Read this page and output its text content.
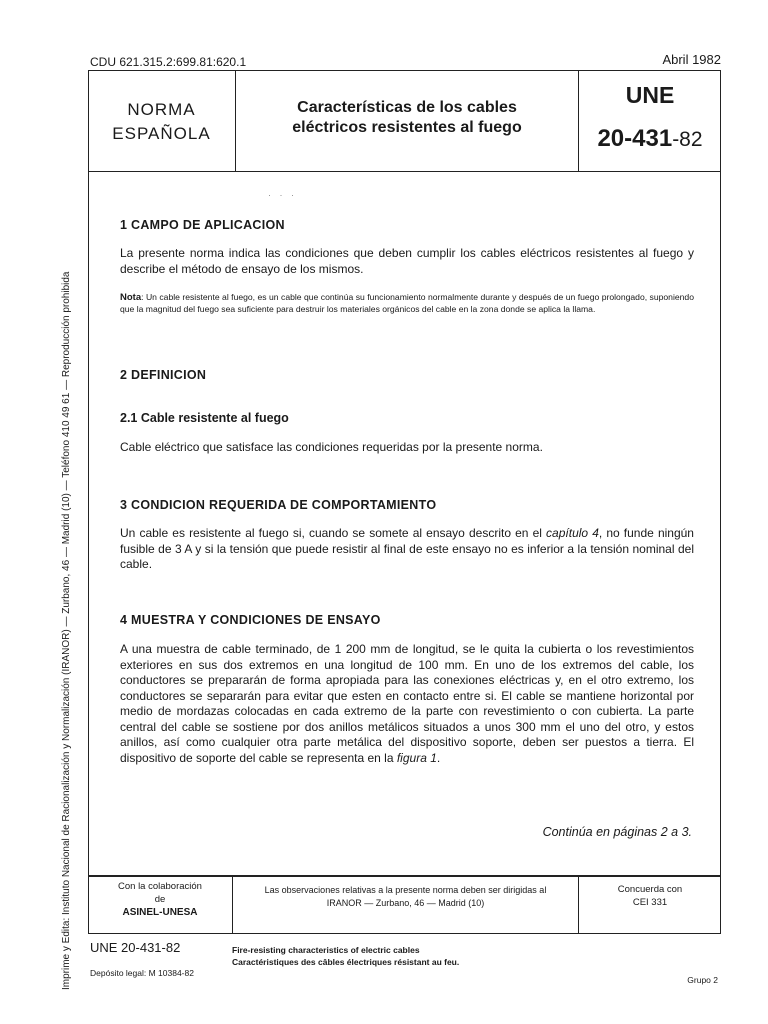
CDU 621.315.2:699.81:620.1	Abril 1982
NORMA
ESPAÑOLA
Características de los cables
eléctricos resistentes al fuego
UNE
20-431-82
· · ·
1 CAMPO DE APLICACION
La presente norma indica las condiciones que deben cumplir los cables eléctricos resistentes al fuego y describe el método de ensayo de los mismos.
Nota: Un cable resistente al fuego, es un cable que continúa su funcionamiento normalmente durante y después de un fuego prolongado, suponiendo que la magnitud del fuego sea suficiente para destruir los materiales orgánicos del cable en la zona donde se aplica la llama.
2 DEFINICION
2.1 Cable resistente al fuego
Cable eléctrico que satisface las condiciones requeridas por la presente norma.
3 CONDICION REQUERIDA DE COMPORTAMIENTO
Un cable es resistente al fuego si, cuando se somete al ensayo descrito en el capítulo 4, no funde ningún fusible de 3 A y si la tensión que puede resistir al final de este ensayo no es inferior a la tensión nominal del cable.
4 MUESTRA Y CONDICIONES DE ENSAYO
A una muestra de cable terminado, de 1 200 mm de longitud, se le quita la cubierta o los revestimientos exteriores en sus dos extremos en una longitud de 100 mm. En uno de los extremos del cable, los conductores se prepararán de forma apropiada para las conexiones eléctricas y, en el otro extremo, los conductores se separarán para evitar que esten en contacto entre si. El cable se mantiene horizontal por medio de mordazas colocadas en cada extremo de la parte con revestimiento o con cubierta. La parte central del cable se sostiene por dos anillos metálicos situados a unos 300 mm el uno del otro, y estos anillos, así como cualquier otra parte metálica del dispositivo soporte, deben ser puestos a tierra. El dispositivo de soporte del cable se representa en la figura 1.
Continúa en páginas 2 a 3.
Con la colaboración
de
ASINEL-UNESA
Las observaciones relativas a la presente norma deben ser dirigidas al
IRANOR — Zurbano, 46 — Madrid (10)
Concuerda con
CEI 331
UNE 20-431-82	Fire-resisting characteristics of electric cables
Caractéristiques des câbles électriques résistant au feu.
Depósito legal: M 10384-82
Grupo 2
Imprime y Edita: Instituto Nacional de Racionalización y Normalización (IRANOR) — Zurbano, 46 — Madrid (10) — Teléfono 410 49 61 — Reproducción prohibida
